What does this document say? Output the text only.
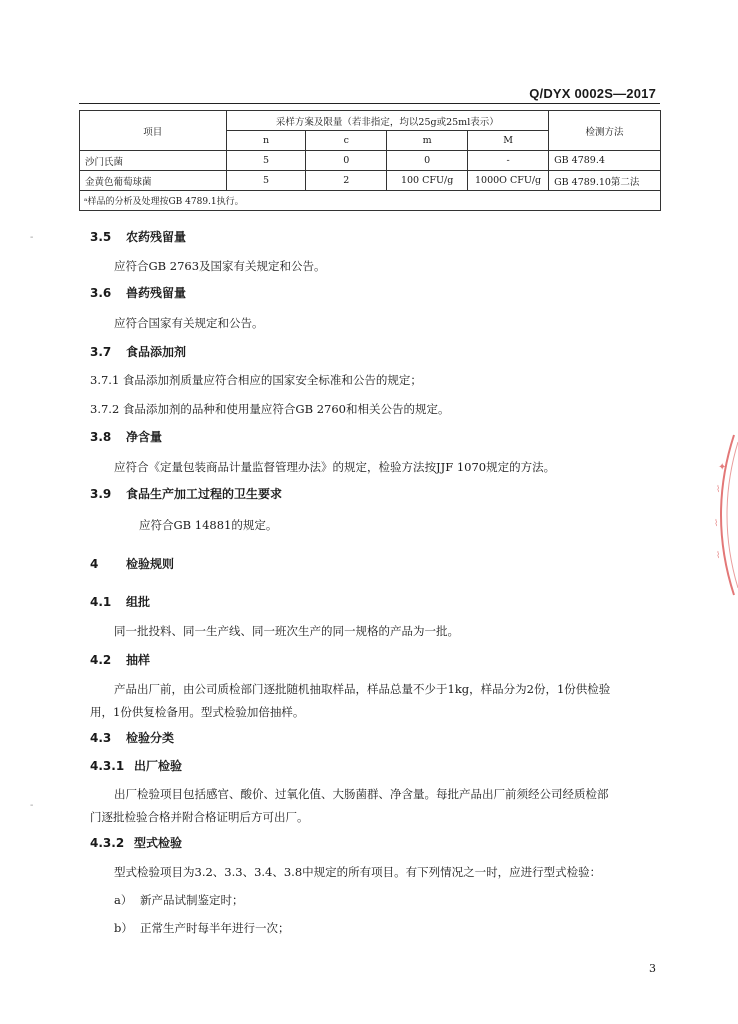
Q/DYX 0002S—2017
项目	采样方案及限量（若非指定，均以25g或25ml表示）				检测方法
	n	c	m	M	
沙门氏菌	5	0	0	-	GB 4789.4
金黄色葡萄球菌	5	2	100 CFU/g	1000O CFU/g	GB 4789.10第二法
ᵃ样品的分析及处理按GB 4789.1执行。					
-
-
3.5 农药残留量
应符合GB 2763及国家有关规定和公告。
3.6 兽药残留量
应符合国家有关规定和公告。
3.7 食品添加剂
3.7.1 食品添加剂质量应符合相应的国家安全标准和公告的规定；
3.7.2 食品添加剂的品种和使用量应符合GB 2760和相关公告的规定。
3.8 净含量
应符合《定量包装商品计量监督管理办法》的规定，检验方法按JJF 1070规定的方法。
3.9 食品生产加工过程的卫生要求
应符合GB 14881的规定。
4 检验规则
4.1 组批
同一批投料、同一生产线、同一班次生产的同一规格的产品为一批。
4.2 抽样
产品出厂前，由公司质检部门逐批随机抽取样品，样品总量不少于1kg，样品分为2份，1份供检验
用，1份供复检备用。型式检验加倍抽样。
4.3 检验分类
4.3.1 出厂检验
出厂检验项目包括感官、酸价、过氧化值、大肠菌群、净含量。每批产品出厂前须经公司经质检部
门逐批检验合格并附合格证明后方可出厂。
4.3.2 型式检验
型式检验项目为3.2、3.3、3.4、3.8中规定的所有项目。有下列情况之一时，应进行型式检验：
a） 新产品试制鉴定时；
b） 正常生产时每半年进行一次；
3
✦
⌇
⌇
⌇
